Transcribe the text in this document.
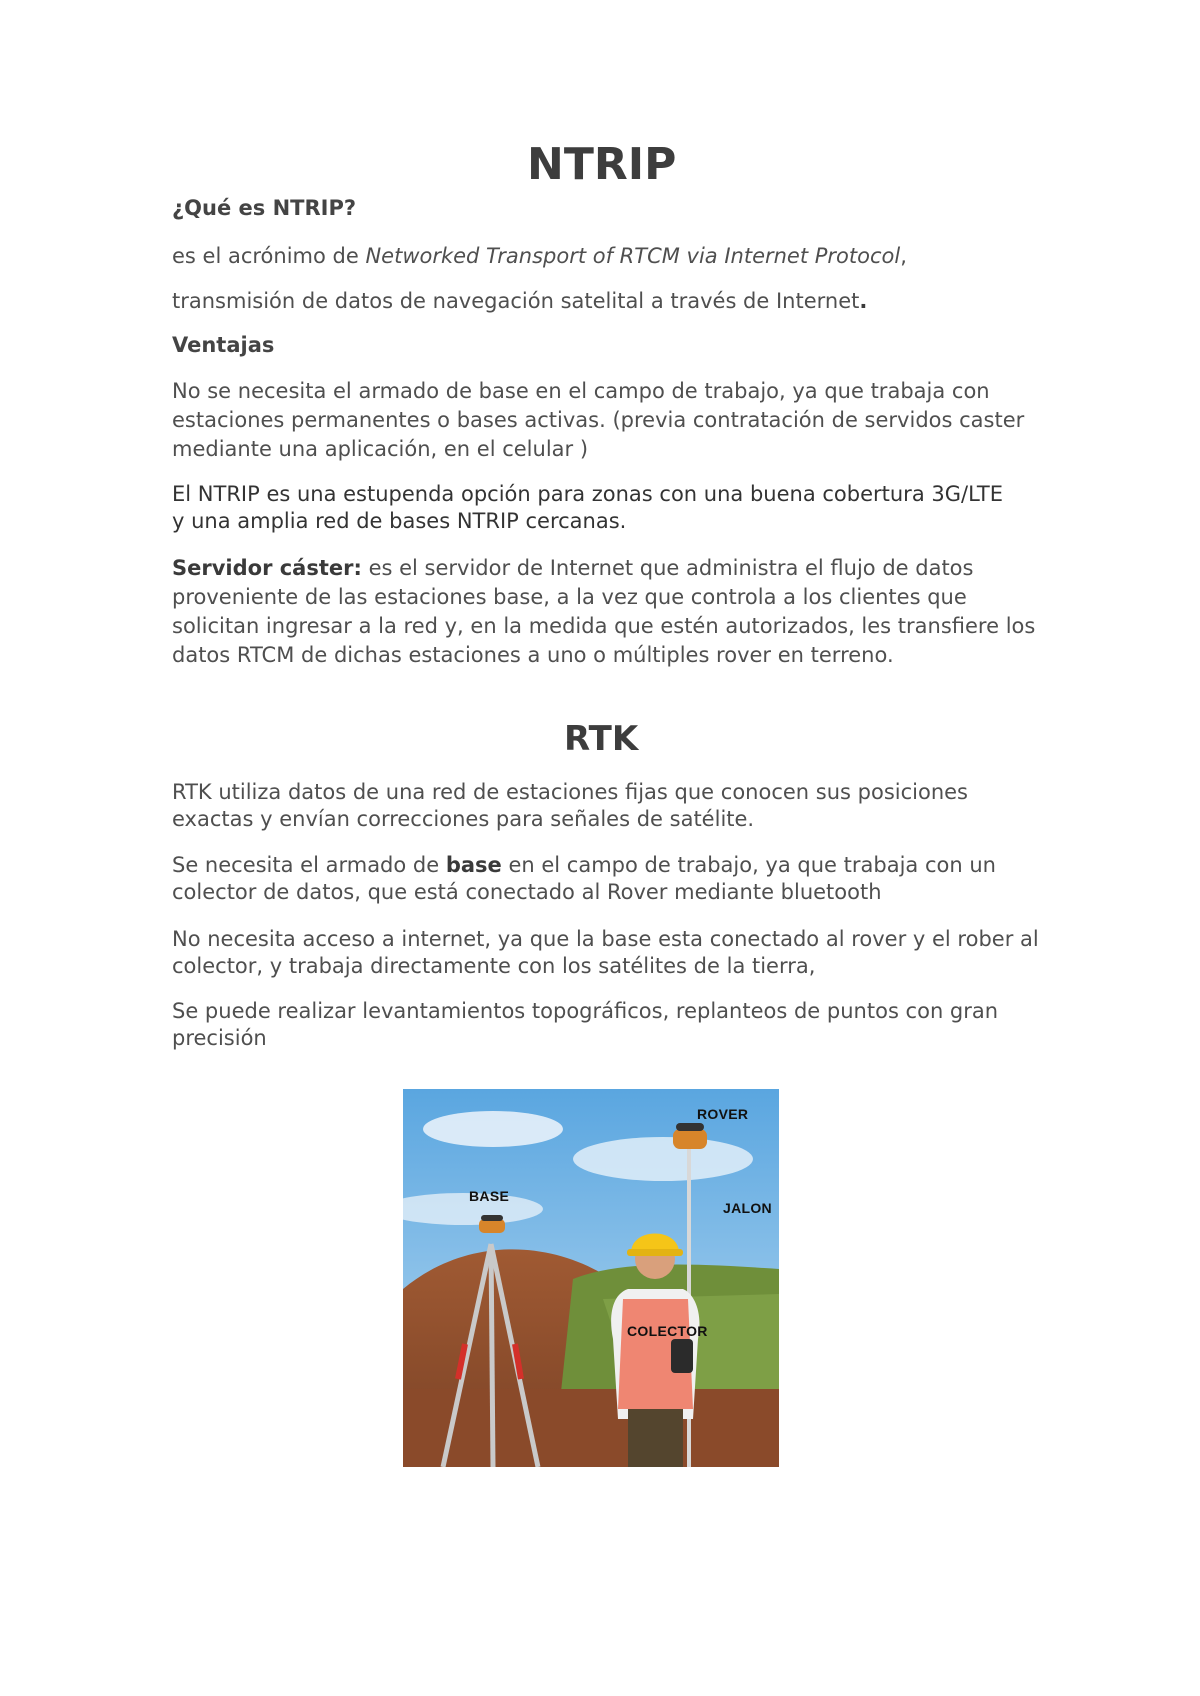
NTRIP
¿Qué es NTRIP?

es el acrónimo de Networked Transport of RTCM via Internet Protocol,

transmisión de datos de navegación satelital a través de Internet.

Ventajas

No se necesita el armado de base en el campo de trabajo, ya que trabaja con estaciones permanentes o bases activas. (previa contratación de servidos caster mediante una aplicación, en el celular )

El NTRIP es una estupenda opción para zonas con una buena cobertura 3G/LTE y una amplia red de bases NTRIP cercanas.

Servidor cáster: es el servidor de Internet que administra el flujo de datos proveniente de las estaciones base, a la vez que controla a los clientes que solicitan ingresar a la red y, en la medida que estén autorizados, les transfiere los datos RTCM de dichas estaciones a uno o múltiples rover en terreno.

RTK

RTK utiliza datos de una red de estaciones fijas que conocen sus posiciones exactas y envían correcciones para señales de satélite.

Se necesita el armado de base en el campo de trabajo, ya que trabaja con un colector de datos, que está conectado al Rover mediante bluetooth

No necesita acceso a internet, ya que la base esta conectado al rover y el rober al colector, y trabaja directamente con los satélites de la tierra,

Se puede realizar levantamientos topográficos, replanteos de puntos con gran precisión

ROVER
BASE
JALON
COLECTOR
